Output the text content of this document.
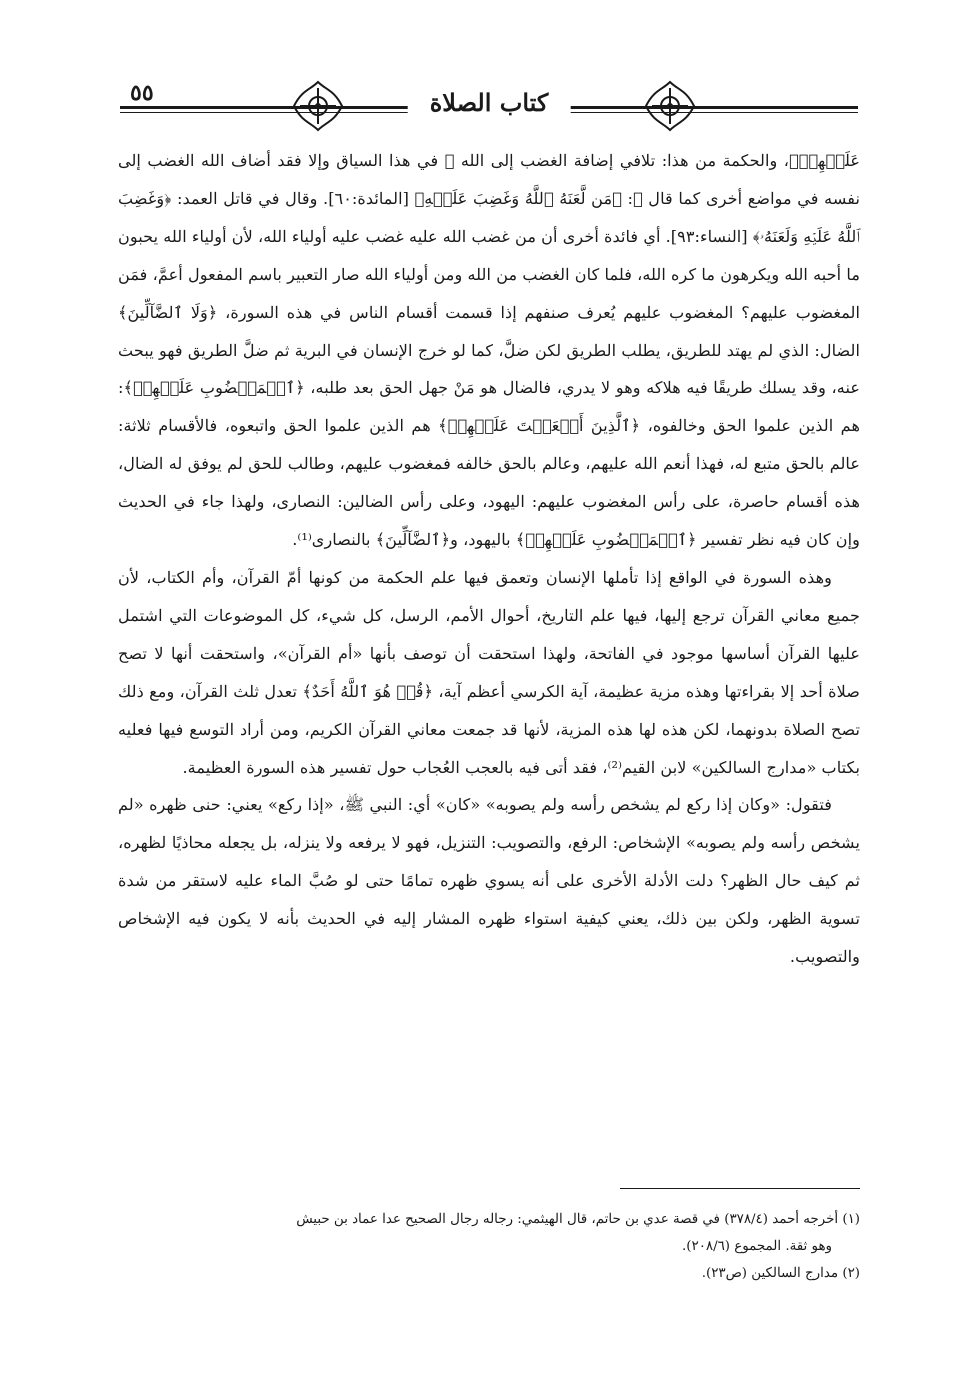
٥٥	كتاب الصلاة

عَلَيۡهِمۡ﴾، والحكمة من هذا: تلافي إضافة الغضب إلى الله ﷻ في هذا السياق وإلا فقد أضاف الله الغضب إلى نفسه في مواضع أخرى كما قال ﷻ: ﴿مَن لَّعَنَهُ ٱللَّهُ وَغَضِبَ عَلَيۡهِ﴾ [المائدة:٦٠]. وقال في قاتل العمد: ﴿وَغَضِبَ ٱللَّهُ عَلَيۡهِ وَلَعَنَهُۥ﴾ [النساء:٩٣]. أي فائدة أخرى أن من غضب الله عليه غضب عليه أولياء الله، لأن أولياء الله يحبون ما أحبه الله ويكرهون ما كره الله، فلما كان الغضب من الله ومن أولياء الله صار التعبير باسم المفعول أعمَّ، فمَن المغضوب عليهم؟ المغضوب عليهم يُعرف صنفهم إذا قسمت أقسام الناس في هذه السورة، ﴿وَلَا ٱلضَّآلِّينَ﴾ الضال: الذي لم يهتد للطريق، يطلب الطريق لكن ضلَّ، كما لو خرج الإنسان في البرية ثم ضلَّ الطريق فهو يبحث عنه، وقد يسلك طريقًا فيه هلاكه وهو لا يدري، فالضال هو مَنْ جهل الحق بعد طلبه، ﴿ٱلۡمَغۡضُوبِ عَلَيۡهِمۡ﴾: هم الذين علموا الحق وخالفوه، ﴿ٱلَّذِينَ أَنۡعَمۡتَ عَلَيۡهِمۡ﴾ هم الذين علموا الحق واتبعوه، فالأقسام ثلاثة: عالم بالحق متبع له، فهذا أنعم الله عليهم، وعالم بالحق خالفه فمغضوب عليهم، وطالب للحق لم يوفق له الضال، هذه أقسام حاصرة، على رأس المغضوب عليهم: اليهود، وعلى رأس الضالين: النصارى، ولهذا جاء في الحديث وإن كان فيه نظر تفسير ﴿ٱلۡمَغۡضُوبِ عَلَيۡهِمۡ﴾ باليهود، و﴿ٱلضَّآلِّينَ﴾ بالنصارى⁽¹⁾.

وهذه السورة في الواقع إذا تأملها الإنسان وتعمق فيها علم الحكمة من كونها أمّ القرآن، وأم الكتاب، لأن جميع معاني القرآن ترجع إليها، فيها علم التاريخ، أحوال الأمم، الرسل، كل شيء، كل الموضوعات التي اشتمل عليها القرآن أساسها موجود في الفاتحة، ولهذا استحقت أن توصف بأنها «أم القرآن»، واستحقت أنها لا تصح صلاة أحد إلا بقراءتها وهذه مزية عظيمة، آية الكرسي أعظم آية، ﴿قُلۡ هُوَ ٱللَّهُ أَحَدٌ﴾ تعدل ثلث القرآن، ومع ذلك تصح الصلاة بدونهما، لكن هذه لها هذه المزية، لأنها قد جمعت معاني القرآن الكريم، ومن أراد التوسع فيها فعليه بكتاب «مدارج السالكين» لابن القيم⁽²⁾، فقد أتى فيه بالعجب العُجاب حول تفسير هذه السورة العظيمة.

فتقول: «وكان إذا ركع لم يشخص رأسه ولم يصوبه» «كان» أي: النبي ﷺ، «إذا ركع» يعني: حنى ظهره «لم يشخص رأسه ولم يصوبه» الإشخاص: الرفع، والتصويب: التنزيل، فهو لا يرفعه ولا ينزله، بل يجعله محاذيًا لظهره، ثم كيف حال الظهر؟ دلت الأدلة الأخرى على أنه يسوي ظهره تمامًا حتى لو صُبَّ الماء عليه لاستقر من شدة تسوية الظهر، ولكن بين ذلك، يعني كيفية استواء ظهره المشار إليه في الحديث بأنه لا يكون فيه الإشخاص والتصويب.

(١) أخرجه أحمد (٣٧٨/٤) في قصة عدي بن حاتم، قال الهيثمي: رجاله رجال الصحيح عدا عماد بن حبيش

وهو ثقة. المجموع (٢٠٨/٦).

(٢) مدارج السالكين (ص٢٣).
